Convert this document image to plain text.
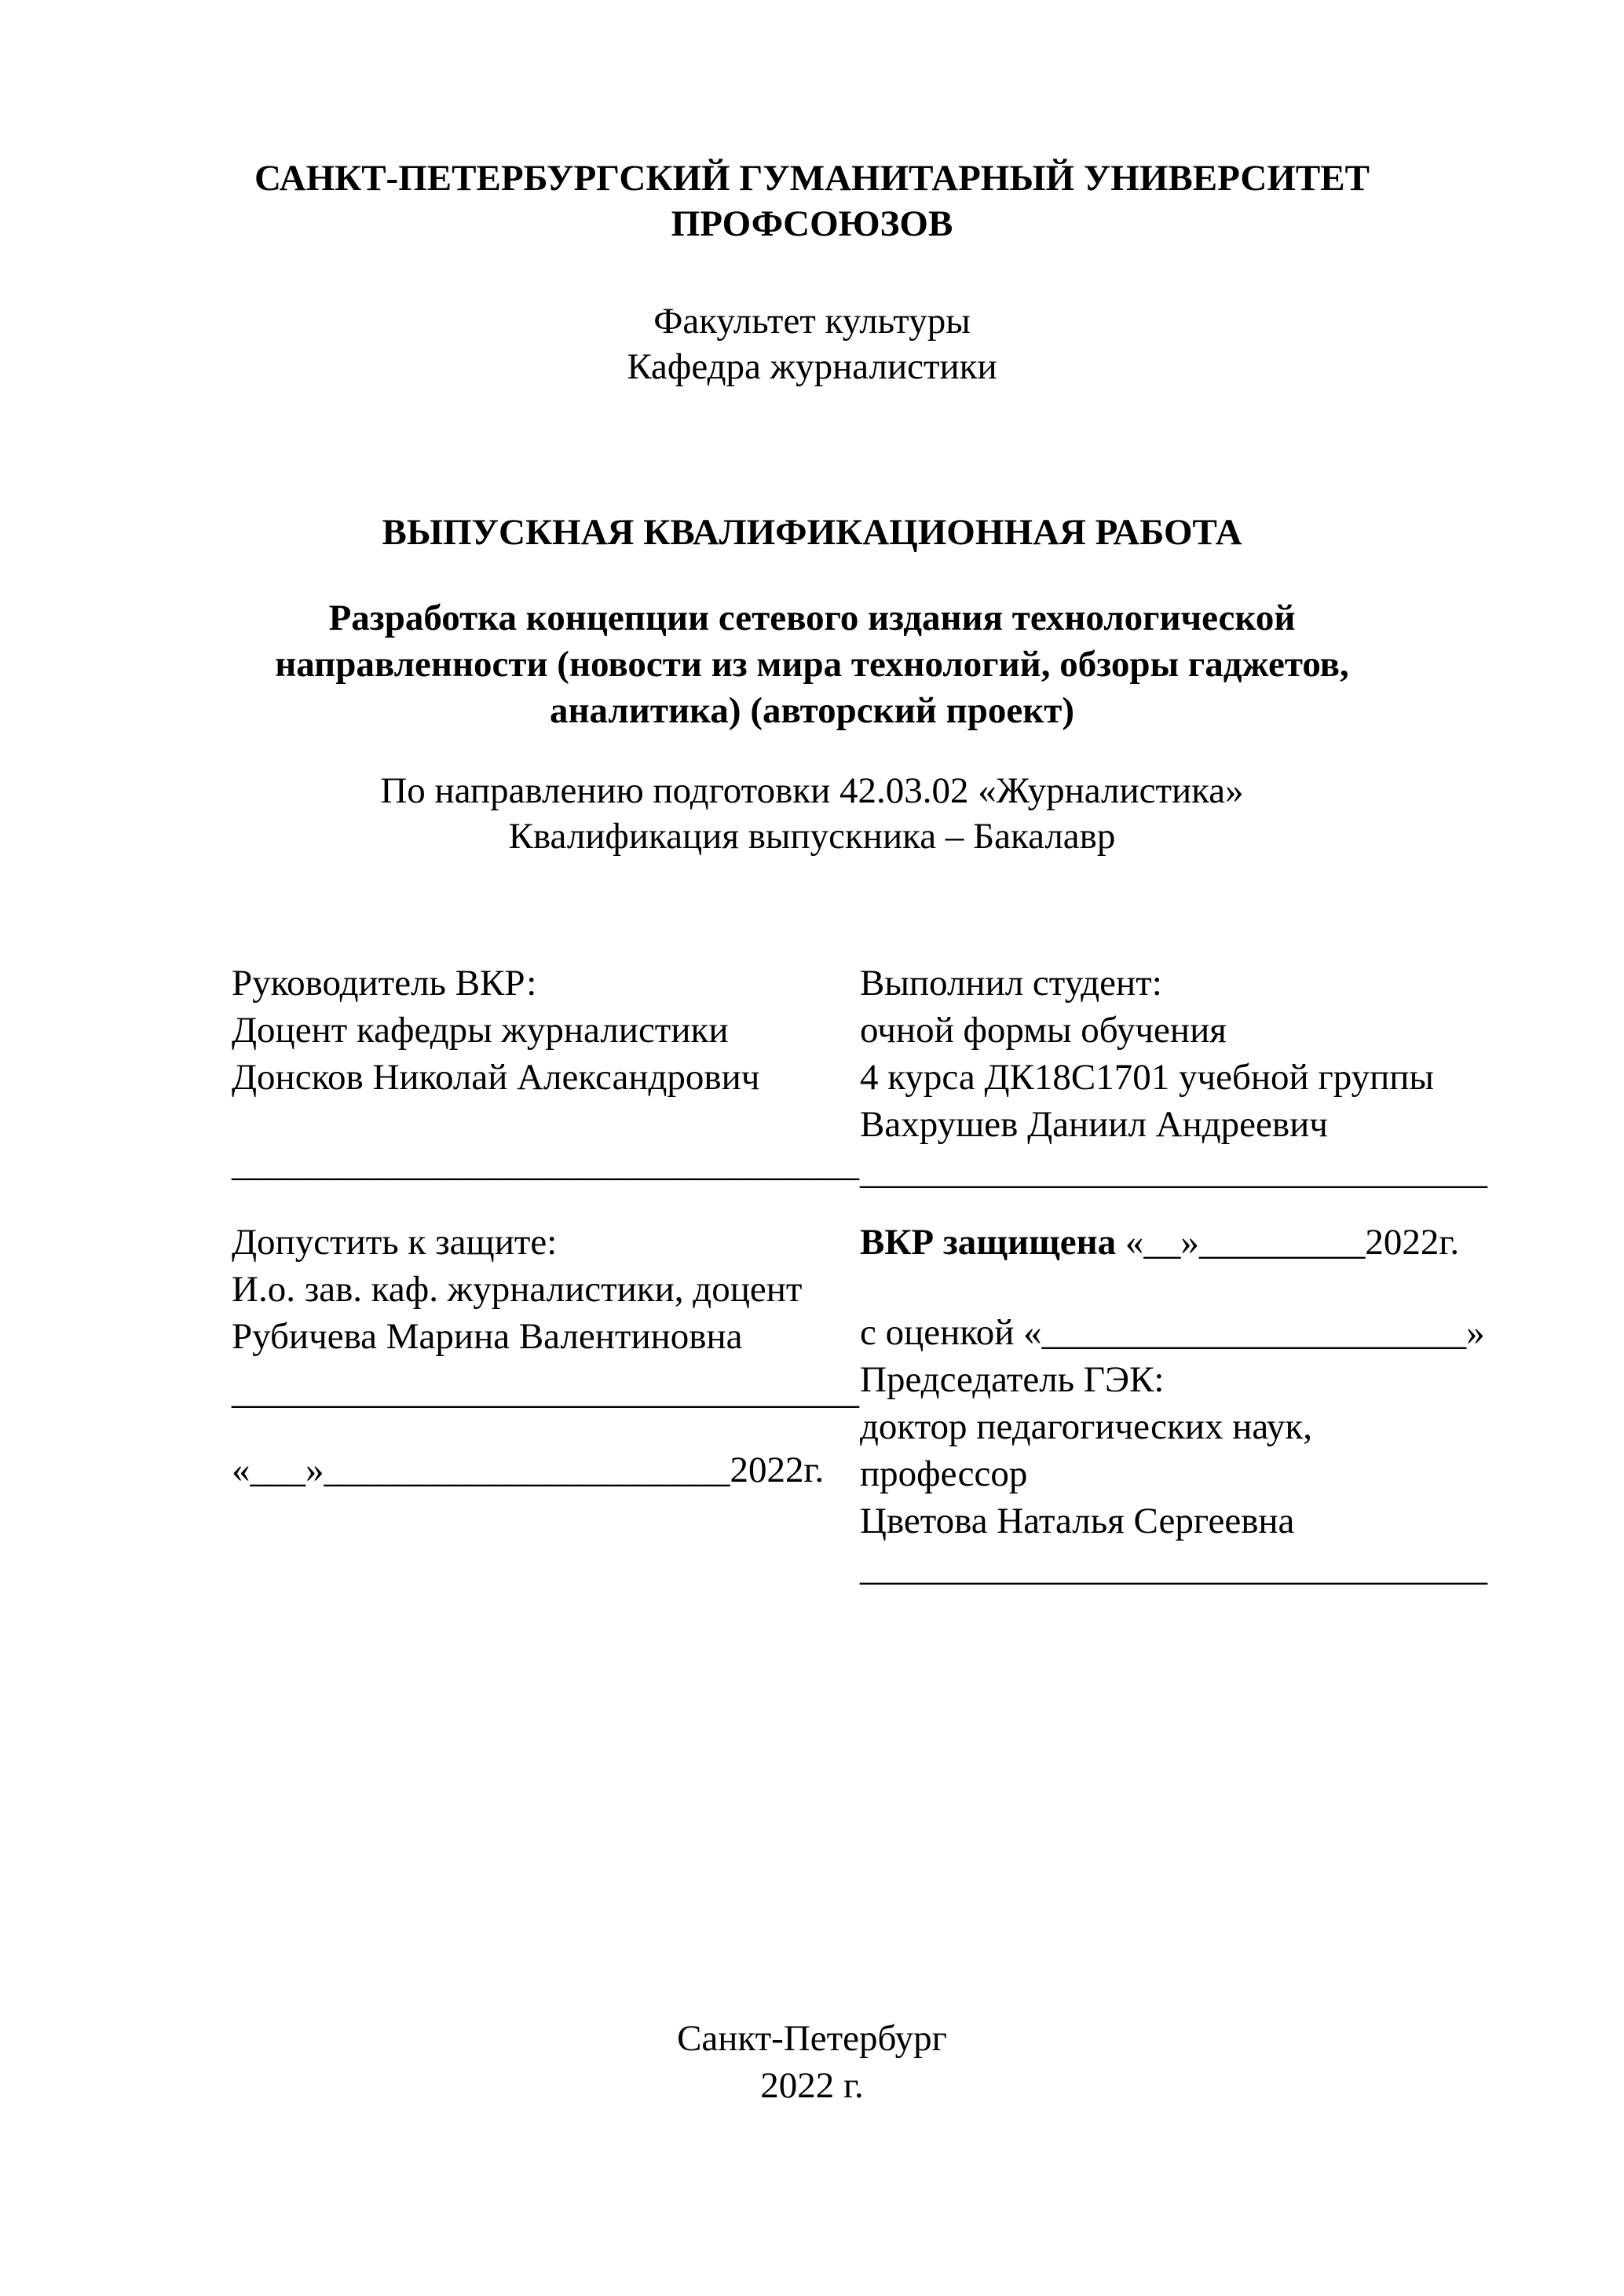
САНКТ-ПЕТЕРБУРГСКИЙ ГУМАНИТАРНЫЙ УНИВЕРСИТЕТ
ПРОФСОЮЗОВ
Факультет культуры
Кафедра журналистики
ВЫПУСКНАЯ КВАЛИФИКАЦИОННАЯ РАБОТА
Разработка концепции сетевого издания технологической
направленности (новости из мира технологий, обзоры гаджетов,
аналитика) (авторский проект)
По направлению подготовки 42.03.02 «Журналистика»
Квалификация выпускника – Бакалавр
Руководитель ВКР:
Доцент кафедры журналистики
Донсков Николай Александрович
__________________________________
Допустить к защите:
И.о. зав. каф. журналистики, доцент
Рубичева Марина Валентиновна
__________________________________
«___»______________________2022г.
Выполнил студент:
очной формы обучения
4 курса ДК18С1701 учебной группы
Вахрушев Даниил Андреевич
__________________________________
ВКР защищена «__»_________2022г.
с оценкой «_______________________»
Председатель ГЭК:
доктор педагогических наук,
профессор
Цветова Наталья Сергеевна
__________________________________
Санкт-Петербург
2022 г.
